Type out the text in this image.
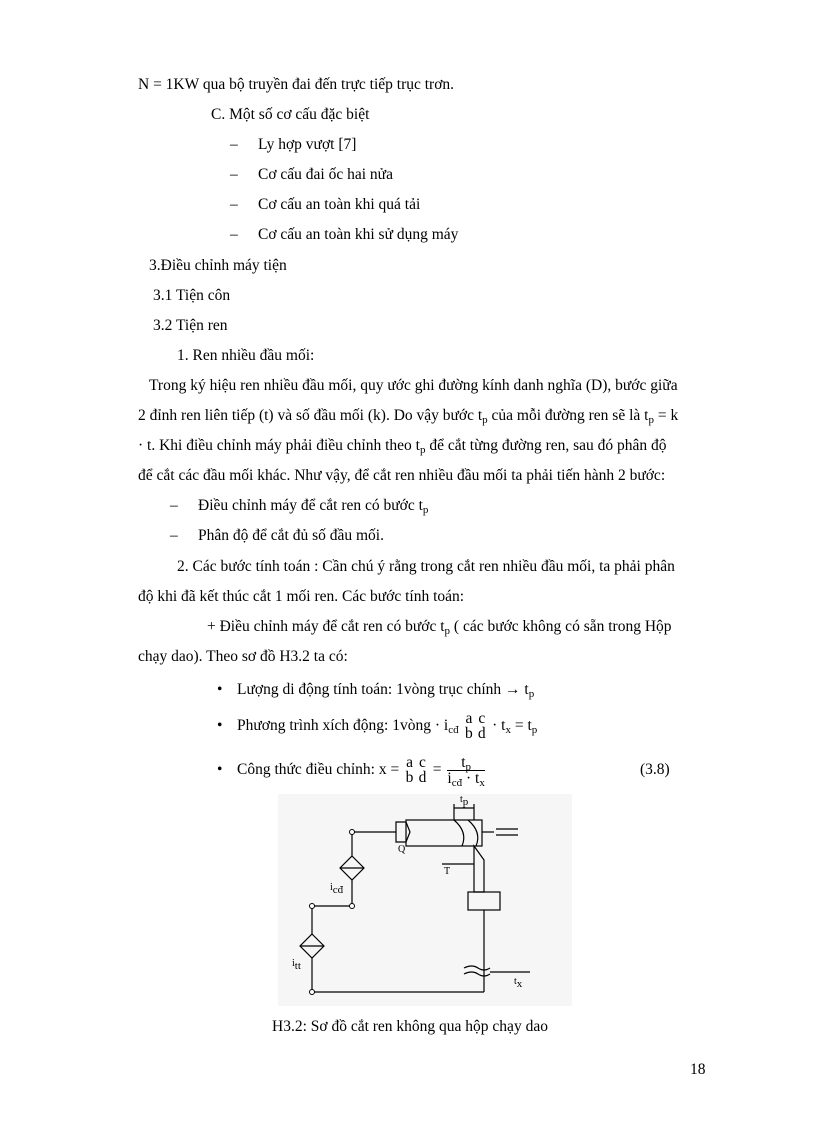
N = 1KW qua bộ truyền đai đến trực tiếp trục trơn.
C. Một số cơ cấu đặc biệt
– Ly hợp vượt [7]
– Cơ cấu đai ốc hai nửa
– Cơ cấu an toàn khi quá tải
– Cơ cấu an toàn khi sử dụng máy
3.Điều chỉnh máy tiện
3.1 Tiện côn
3.2 Tiện ren
1. Ren nhiều đầu mối:
Trong ký hiệu ren nhiều đầu mối, quy ước ghi đường kính danh nghĩa (D), bước giữa
2 đỉnh ren liên tiếp (t) và số đầu mối (k). Do vậy bước $t_p$ của mỗi đường ren sẽ là $t_p = k$
· t. Khi điều chỉnh máy phải điều chỉnh theo $t_p$ để cắt từng đường ren, sau đó phân độ
để cắt các đầu mối khác. Như vậy, để cắt ren nhiều đầu mối ta phải tiến hành 2 bước:
– Điều chỉnh máy để cắt ren có bước $t_p$
– Phân độ để cắt đủ số đầu mối.
2. Các bước tính toán : Cần chú ý rằng trong cắt ren nhiều đầu mối, ta phải phân
độ khi đã kết thúc cắt 1 mối ren. Các bước tính toán:
+ Điều chỉnh máy để cắt ren có bước $t_p$ ( các bước không có sẵn trong Hộp
chạy dao). Theo sơ đồ H3.2 ta có:
• Lượng di động tính toán: 1vòng trục chính → $t_p$
• Phương trình xích động: 1vòng · $i_{cđ}$
a
b
c
$d \cdot t_x = t_p$
• Công thức điều chỉnh: x = a
b
c
$d = \frac{t_p}{i_{cđ} \cdot t_x}$	(3.8)
$t_p$
Q
T
$i_{cđ}$
$i_{tt}$
$t_x$
H3.2: Sơ đồ cắt ren không qua hộp chạy dao
18
